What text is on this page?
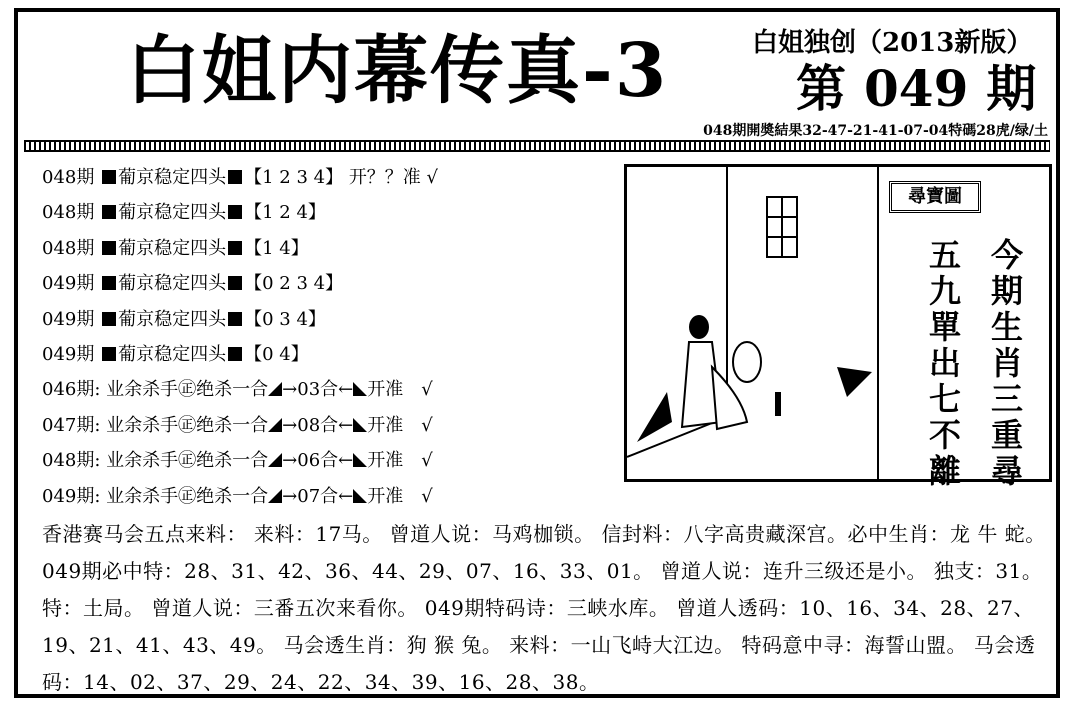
白姐内幕传真-3	白姐独创（2013新版）
第 049 期
048期開奬結果32-47-21-41-07-04特碼28虎/绿/土
048期 葡京稳定四头 【1 2 3 4】 开？？准 √
048期 葡京稳定四头 【1 2 4】
048期 葡京稳定四头 【1 4】
049期 葡京稳定四头 【0 2 3 4】
049期 葡京稳定四头 【0 3 4】
049期 葡京稳定四头 【0 4】
046期: 业余杀手㊣绝杀一合 →03合← 开准　√
047期: 业余杀手㊣绝杀一合 →08合← 开准　√
048期: 业余杀手㊣绝杀一合 →06合← 开准　√
049期: 业余杀手㊣绝杀一合 →07合← 开准　√
尋寶圖
今期生肖三重尋
五九單出七不離
香港赛马会五点来料： 来料：17马。 曾道人说：马鸡枷锁。 信封料：八字高贵藏深宫。必中生肖：龙 牛 蛇。 049期必中特：28、31、42、36、44、29、07、16、33、01。 曾道人说：连升三级还是小。 独支：31。 特：土局。 曾道人说：三番五次来看你。 049期特码诗：三峡水库。 曾道人透码：10、16、34、28、27、19、21、41、43、49。 马会透生肖：狗 猴 兔。 来料：一山飞峙大江边。 特码意中寻：海誓山盟。 马会透码：14、02、37、29、24、22、34、39、16、28、38。
